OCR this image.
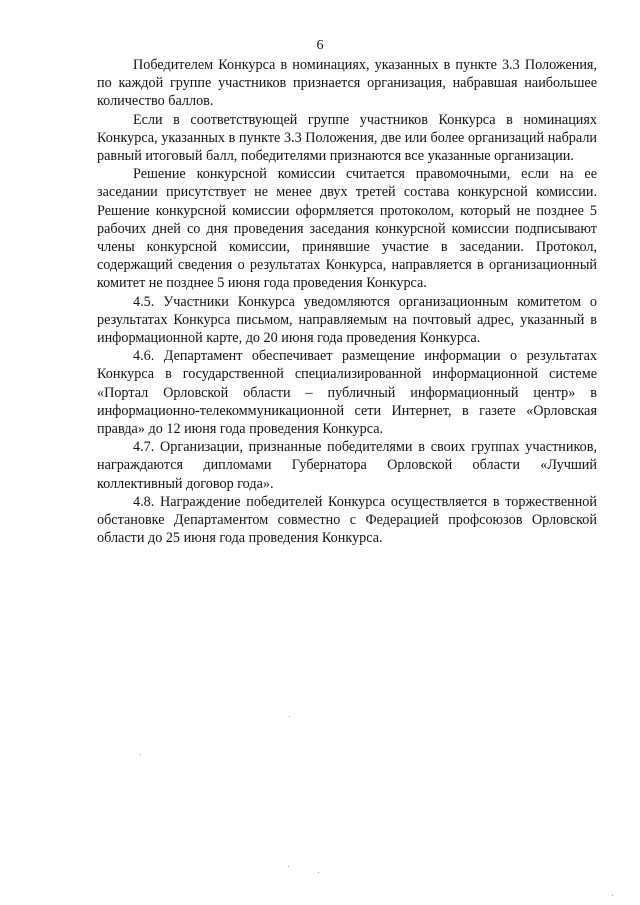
6

Победителем Конкурса в номинациях, указанных в пункте 3.3 Положения, по каждой группе участников признается организация, набравшая наибольшее количество баллов.

Если в соответствующей группе участников Конкурса в номинациях Конкурса, указанных в пункте 3.3 Положения, две или более организаций набрали равный итоговый балл, победителями признаются все указанные организации.

Решение конкурсной комиссии считается правомочными, если на ее заседании присутствует не менее двух третей состава конкурсной комиссии. Решение конкурсной комиссии оформляется протоколом, который не позднее 5 рабочих дней со дня проведения заседания конкурсной комиссии подписывают члены конкурсной комиссии, принявшие участие в заседании. Протокол, содержащий сведения о результатах Конкурса, направляется в организационный комитет не позднее 5 июня года проведения Конкурса.

4.5. Участники Конкурса уведомляются организационным комитетом о результатах Конкурса письмом, направляемым на почтовый адрес, указанный в информационной карте, до 20 июня года проведения Конкурса.

4.6. Департамент обеспечивает размещение информации о результатах Конкурса в государственной специализированной информационной системе «Портал Орловской области – публичный информационный центр» в информационно-телекоммуникационной сети Интернет, в газете «Орловская правда» до 12 июня года проведения Конкурса.

4.7. Организации, признанные победителями в своих группах участников, награждаются дипломами Губернатора Орловской области «Лучший коллективный договор года».

4.8. Награждение победителей Конкурса осуществляется в торжественной обстановке Департаментом совместно с Федерацией профсоюзов Орловской области до 25 июня года проведения Конкурса.
